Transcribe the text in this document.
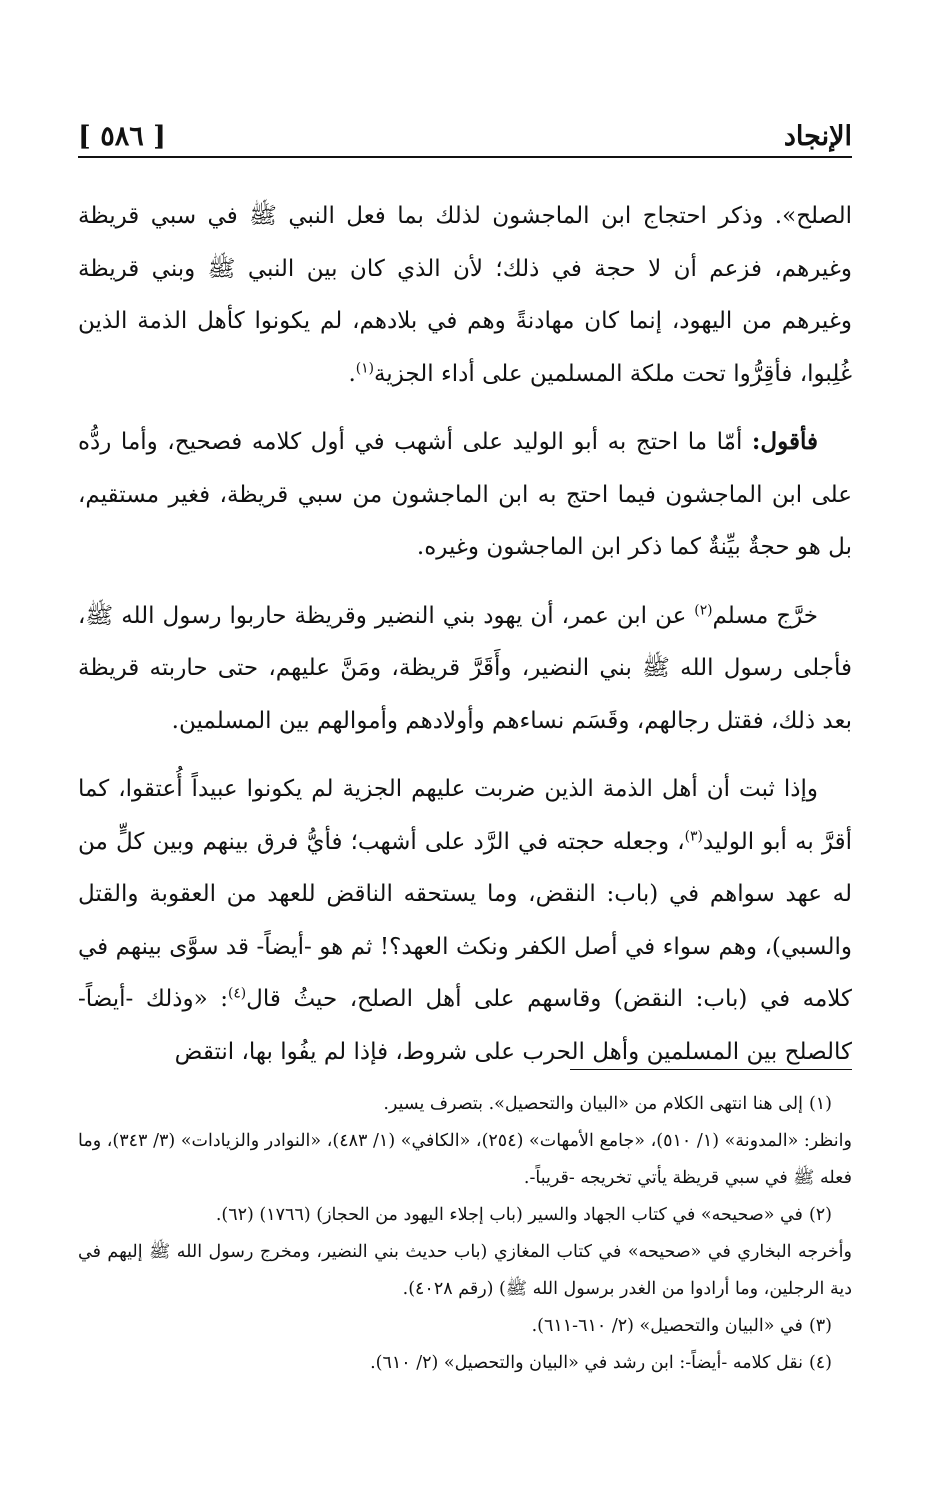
الإنجاد
[ ٥٨٦ ]

الصلح». وذكر احتجاج ابن الماجشون لذلك بما فعل النبي ﷺ في سبي قريظة وغيرهم، فزعم أن لا حجة في ذلك؛ لأن الذي كان بين النبي ﷺ وبني قريظة وغيرهم من اليهود، إنما كان مهادنةً وهم في بلادهم، لم يكونوا كأهل الذمة الذين غُلِبوا، فأقِرُّوا تحت ملكة المسلمين على أداء الجزية$^{(١)}$.

فأقول: أمّا ما احتج به أبو الوليد على أشهب في أول كلامه فصحيح، وأما ردُّه على ابن الماجشون فيما احتج به ابن الماجشون من سبي قريظة، فغير مستقيم، بل هو حجةٌ بيِّنةٌ كما ذكر ابن الماجشون وغيره.

خرَّج مسلم$^{(٢)}$ عن ابن عمر، أن يهود بني النضير وقريظة حاربوا رسول الله ﷺ، فأجلى رسول الله ﷺ بني النضير، وأَقَرَّ قريظة، ومَنَّ عليهم، حتى حاربته قريظة بعد ذلك، فقتل رجالهم، وقَسَم نساءهم وأولادهم وأموالهم بين المسلمين.

وإذا ثبت أن أهل الذمة الذين ضربت عليهم الجزية لم يكونوا عبيداً أُعتقوا، كما أقرَّ به أبو الوليد$^{(٣)}$، وجعله حجته في الرَّد على أشهب؛ فأيُّ فرق بينهم وبين كلٍّ من له عهد سواهم في (باب: النقض، وما يستحقه الناقض للعهد من العقوبة والقتل والسبي)، وهم سواء في أصل الكفر ونكث العهد؟! ثم هو -أيضاً- قد سوَّى بينهم في كلامه في (باب: النقض) وقاسهم على أهل الصلح، حيثُ قال$^{(٤)}$: «وذلك -أيضاً- كالصلح بين المسلمين وأهل الحرب على شروط، فإذا لم يفُوا بها، انتقض

(١)إلى هنا انتهى الكلام من «البيان والتحصيل». بتصرف يسير.

وانظر: «المدونة» (١/ ٥١٠)، «جامع الأمهات» (٢٥٤)، «الكافي» (١/ ٤٨٣)، «النوادر والزيادات» (٣/ ٣٤٣)، وما فعله ﷺ في سبي قريظة يأتي تخريجه -قريباً-.

(٢)في «صحيحه» في كتاب الجهاد والسير (باب إجلاء اليهود من الحجاز) (١٧٦٦) (٦٢).

وأخرجه البخاري في «صحيحه» في كتاب المغازي (باب حديث بني النضير، ومخرج رسول الله ﷺ إليهم في دية الرجلين، وما أرادوا من الغدر برسول الله ﷺ) (رقم ٤٠٢٨).

(٣)في «البيان والتحصيل» (٢/ ٦١٠-٦١١).

(٤)نقل كلامه -أيضاً-: ابن رشد في «البيان والتحصيل» (٢/ ٦١٠).
